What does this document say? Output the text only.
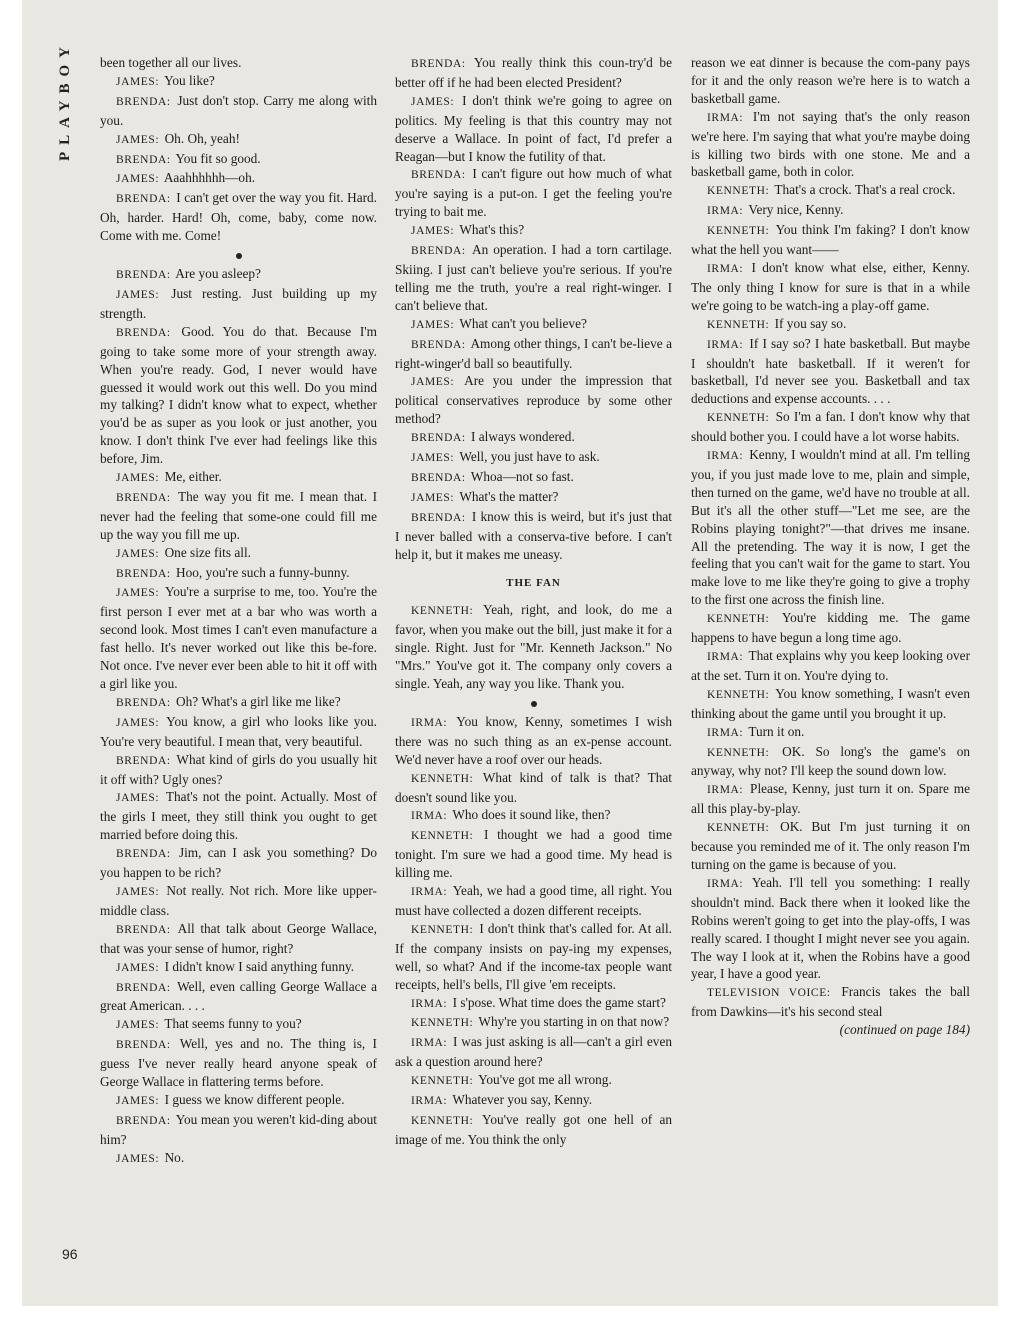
PLAYBOY
96

been together all our lives.

JAMES: You like?

BRENDA: Just don't stop. Carry me along with you.

JAMES: Oh. Oh, yeah!

BRENDA: You fit so good.

JAMES: Aaahhhhhh—oh.

BRENDA: I can't get over the way you fit. Hard. Oh, harder. Hard! Oh, come, baby, come now. Come with me. Come!

BRENDA: Are you asleep?

JAMES: Just resting. Just building up my strength.

BRENDA: Good. You do that. Because I'm going to take some more of your strength away. When you're ready. God, I never would have guessed it would work out this well. Do you mind my talking? I didn't know what to expect, whether you'd be as super as you look or just another, you know. I don't think I've ever had feelings like this before, Jim.

JAMES: Me, either.

BRENDA: The way you fit me. I mean that. I never had the feeling that some-one could fill me up the way you fill me up.

JAMES: One size fits all.

BRENDA: Hoo, you're such a funny-bunny.

JAMES: You're a surprise to me, too. You're the first person I ever met at a bar who was worth a second look. Most times I can't even manufacture a fast hello. It's never worked out like this be-fore. Not once. I've never ever been able to hit it off with a girl like you.

BRENDA: Oh? What's a girl like me like?

JAMES: You know, a girl who looks like you. You're very beautiful. I mean that, very beautiful.

BRENDA: What kind of girls do you usually hit it off with? Ugly ones?

JAMES: That's not the point. Actually. Most of the girls I meet, they still think you ought to get married before doing this.

BRENDA: Jim, can I ask you something? Do you happen to be rich?

JAMES: Not really. Not rich. More like upper-middle class.

BRENDA: All that talk about George Wallace, that was your sense of humor, right?

JAMES: I didn't know I said anything funny.

BRENDA: Well, even calling George Wallace a great American. . . .

JAMES: That seems funny to you?

BRENDA: Well, yes and no. The thing is, I guess I've never really heard anyone speak of George Wallace in flattering terms before.

JAMES: I guess we know different people.

BRENDA: You mean you weren't kid-ding about him?

JAMES: No.

BRENDA: You really think this coun-try'd be better off if he had been elected President?

JAMES: I don't think we're going to agree on politics. My feeling is that this country may not deserve a Wallace. In point of fact, I'd prefer a Reagan—but I know the futility of that.

BRENDA: I can't figure out how much of what you're saying is a put-on. I get the feeling you're trying to bait me.

JAMES: What's this?

BRENDA: An operation. I had a torn cartilage. Skiing. I just can't believe you're serious. If you're telling me the truth, you're a real right-winger. I can't believe that.

JAMES: What can't you believe?

BRENDA: Among other things, I can't be-lieve a right-winger'd ball so beautifully.

JAMES: Are you under the impression that political conservatives reproduce by some other method?

BRENDA: I always wondered.

JAMES: Well, you just have to ask.

BRENDA: Whoa—not so fast.

JAMES: What's the matter?

BRENDA: I know this is weird, but it's just that I never balled with a conserva-tive before. I can't help it, but it makes me uneasy.

THE FAN

KENNETH: Yeah, right, and look, do me a favor, when you make out the bill, just make it for a single. Right. Just for "Mr. Kenneth Jackson." No "Mrs." You've got it. The company only covers a single. Yeah, any way you like. Thank you.

IRMA: You know, Kenny, sometimes I wish there was no such thing as an ex-pense account. We'd never have a roof over our heads.

KENNETH: What kind of talk is that? That doesn't sound like you.

IRMA: Who does it sound like, then?

KENNETH: I thought we had a good time tonight. I'm sure we had a good time. My head is killing me.

IRMA: Yeah, we had a good time, all right. You must have collected a dozen different receipts.

KENNETH: I don't think that's called for. At all. If the company insists on pay-ing my expenses, well, so what? And if the income-tax people want receipts, hell's bells, I'll give 'em receipts.

IRMA: I s'pose. What time does the game start?

KENNETH: Why're you starting in on that now?

IRMA: I was just asking is all—can't a girl even ask a question around here?

KENNETH: You've got me all wrong.

IRMA: Whatever you say, Kenny.

KENNETH: You've really got one hell of an image of me. You think the only

reason we eat dinner is because the com-pany pays for it and the only reason we're here is to watch a basketball game.

IRMA: I'm not saying that's the only reason we're here. I'm saying that what you're maybe doing is killing two birds with one stone. Me and a basketball game, both in color.

KENNETH: That's a crock. That's a real crock.

IRMA: Very nice, Kenny.

KENNETH: You think I'm faking? I don't know what the hell you want——

IRMA: I don't know what else, either, Kenny. The only thing I know for sure is that in a while we're going to be watch-ing a play-off game.

KENNETH: If you say so.

IRMA: If I say so? I hate basketball. But maybe I shouldn't hate basketball. If it weren't for basketball, I'd never see you. Basketball and tax deductions and expense accounts. . . .

KENNETH: So I'm a fan. I don't know why that should bother you. I could have a lot worse habits.

IRMA: Kenny, I wouldn't mind at all. I'm telling you, if you just made love to me, plain and simple, then turned on the game, we'd have no trouble at all. But it's all the other stuff—"Let me see, are the Robins playing tonight?"—that drives me insane. All the pretending. The way it is now, I get the feeling that you can't wait for the game to start. You make love to me like they're going to give a trophy to the first one across the finish line.

KENNETH: You're kidding me. The game happens to have begun a long time ago.

IRMA: That explains why you keep looking over at the set. Turn it on. You're dying to.

KENNETH: You know something, I wasn't even thinking about the game until you brought it up.

IRMA: Turn it on.

KENNETH: OK. So long's the game's on anyway, why not? I'll keep the sound down low.

IRMA: Please, Kenny, just turn it on. Spare me all this play-by-play.

KENNETH: OK. But I'm just turning it on because you reminded me of it. The only reason I'm turning on the game is because of you.

IRMA: Yeah. I'll tell you something: I really shouldn't mind. Back there when it looked like the Robins weren't going to get into the play-offs, I was really scared. I thought I might never see you again. The way I look at it, when the Robins have a good year, I have a good year.

TELEVISION VOICE: Francis takes the ball from Dawkins—it's his second steal

(continued on page 184)
